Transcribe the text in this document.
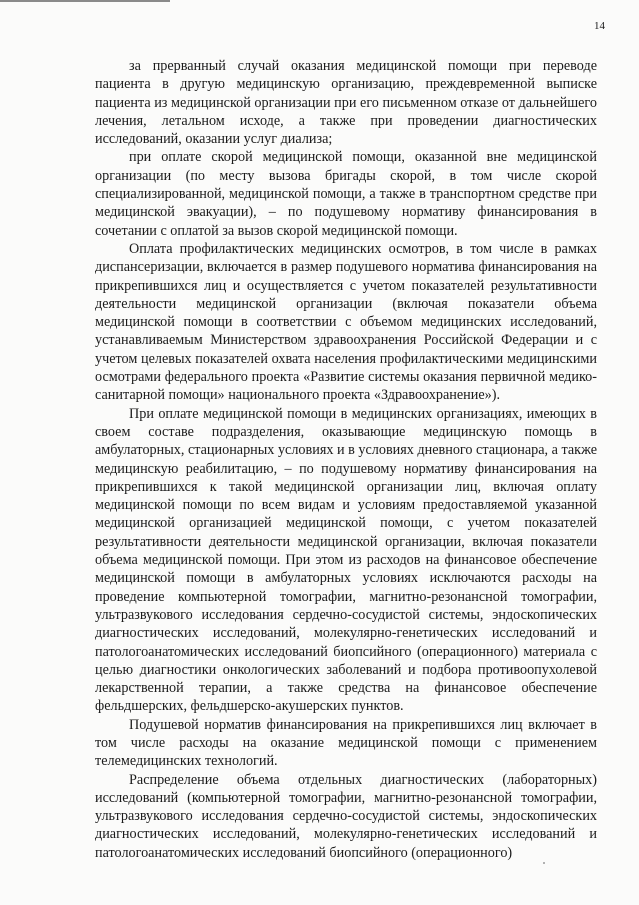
14

за прерванный случай оказания медицинской помощи при переводе пациента в другую медицинскую организацию, преждевременной выписке пациента из медицинской организации при его письменном отказе от дальнейшего лечения, летальном исходе, а также при проведении диагностических исследований, оказании услуг диализа;

при оплате скорой медицинской помощи, оказанной вне медицинской организации (по месту вызова бригады скорой, в том числе скорой специализированной, медицинской помощи, а также в транспортном средстве при медицинской эвакуации), – по подушевому нормативу финансирования в сочетании с оплатой за вызов скорой медицинской помощи.

Оплата профилактических медицинских осмотров, в том числе в рамках диспансеризации, включается в размер подушевого норматива финансирования на прикрепившихся лиц и осуществляется с учетом показателей результативности деятельности медицинской организации (включая показатели объема медицинской помощи в соответствии с объемом медицинских исследований, устанавливаемым Министерством здравоохранения Российской Федерации и с учетом целевых показателей охвата населения профилактическими медицинскими осмотрами федерального проекта «Развитие системы оказания первичной медико-санитарной помощи» национального проекта «Здравоохранение»).

При оплате медицинской помощи в медицинских организациях, имеющих в своем составе подразделения, оказывающие медицинскую помощь в амбулаторных, стационарных условиях и в условиях дневного стационара, а также медицинскую реабилитацию, – по подушевому нормативу финансирования на прикрепившихся к такой медицинской организации лиц, включая оплату медицинской помощи по всем видам и условиям предоставляемой указанной медицинской организацией медицинской помощи, с учетом показателей результативности деятельности медицинской организации, включая показатели объема медицинской помощи. При этом из расходов на финансовое обеспечение медицинской помощи в амбулаторных условиях исключаются расходы на проведение компьютерной томографии, магнитно-резонансной томографии, ультразвукового исследования сердечно-сосудистой системы, эндоскопических диагностических исследований, молекулярно-генетических исследований и патологоанатомических исследований биопсийного (операционного) материала с целью диагностики онкологических заболеваний и подбора противоопухолевой лекарственной терапии, а также средства на финансовое обеспечение фельдшерских, фельдшерско-акушерских пунктов.

Подушевой норматив финансирования на прикрепившихся лиц включает в том числе расходы на оказание медицинской помощи с применением телемедицинских технологий.

Распределение объема отдельных диагностических (лабораторных) исследований (компьютерной томографии, магнитно-резонансной томографии, ультразвукового исследования сердечно-сосудистой системы, эндоскопических диагностических исследований, молекулярно-генетических исследований и патологоанатомических исследований биопсийного (операционного)
